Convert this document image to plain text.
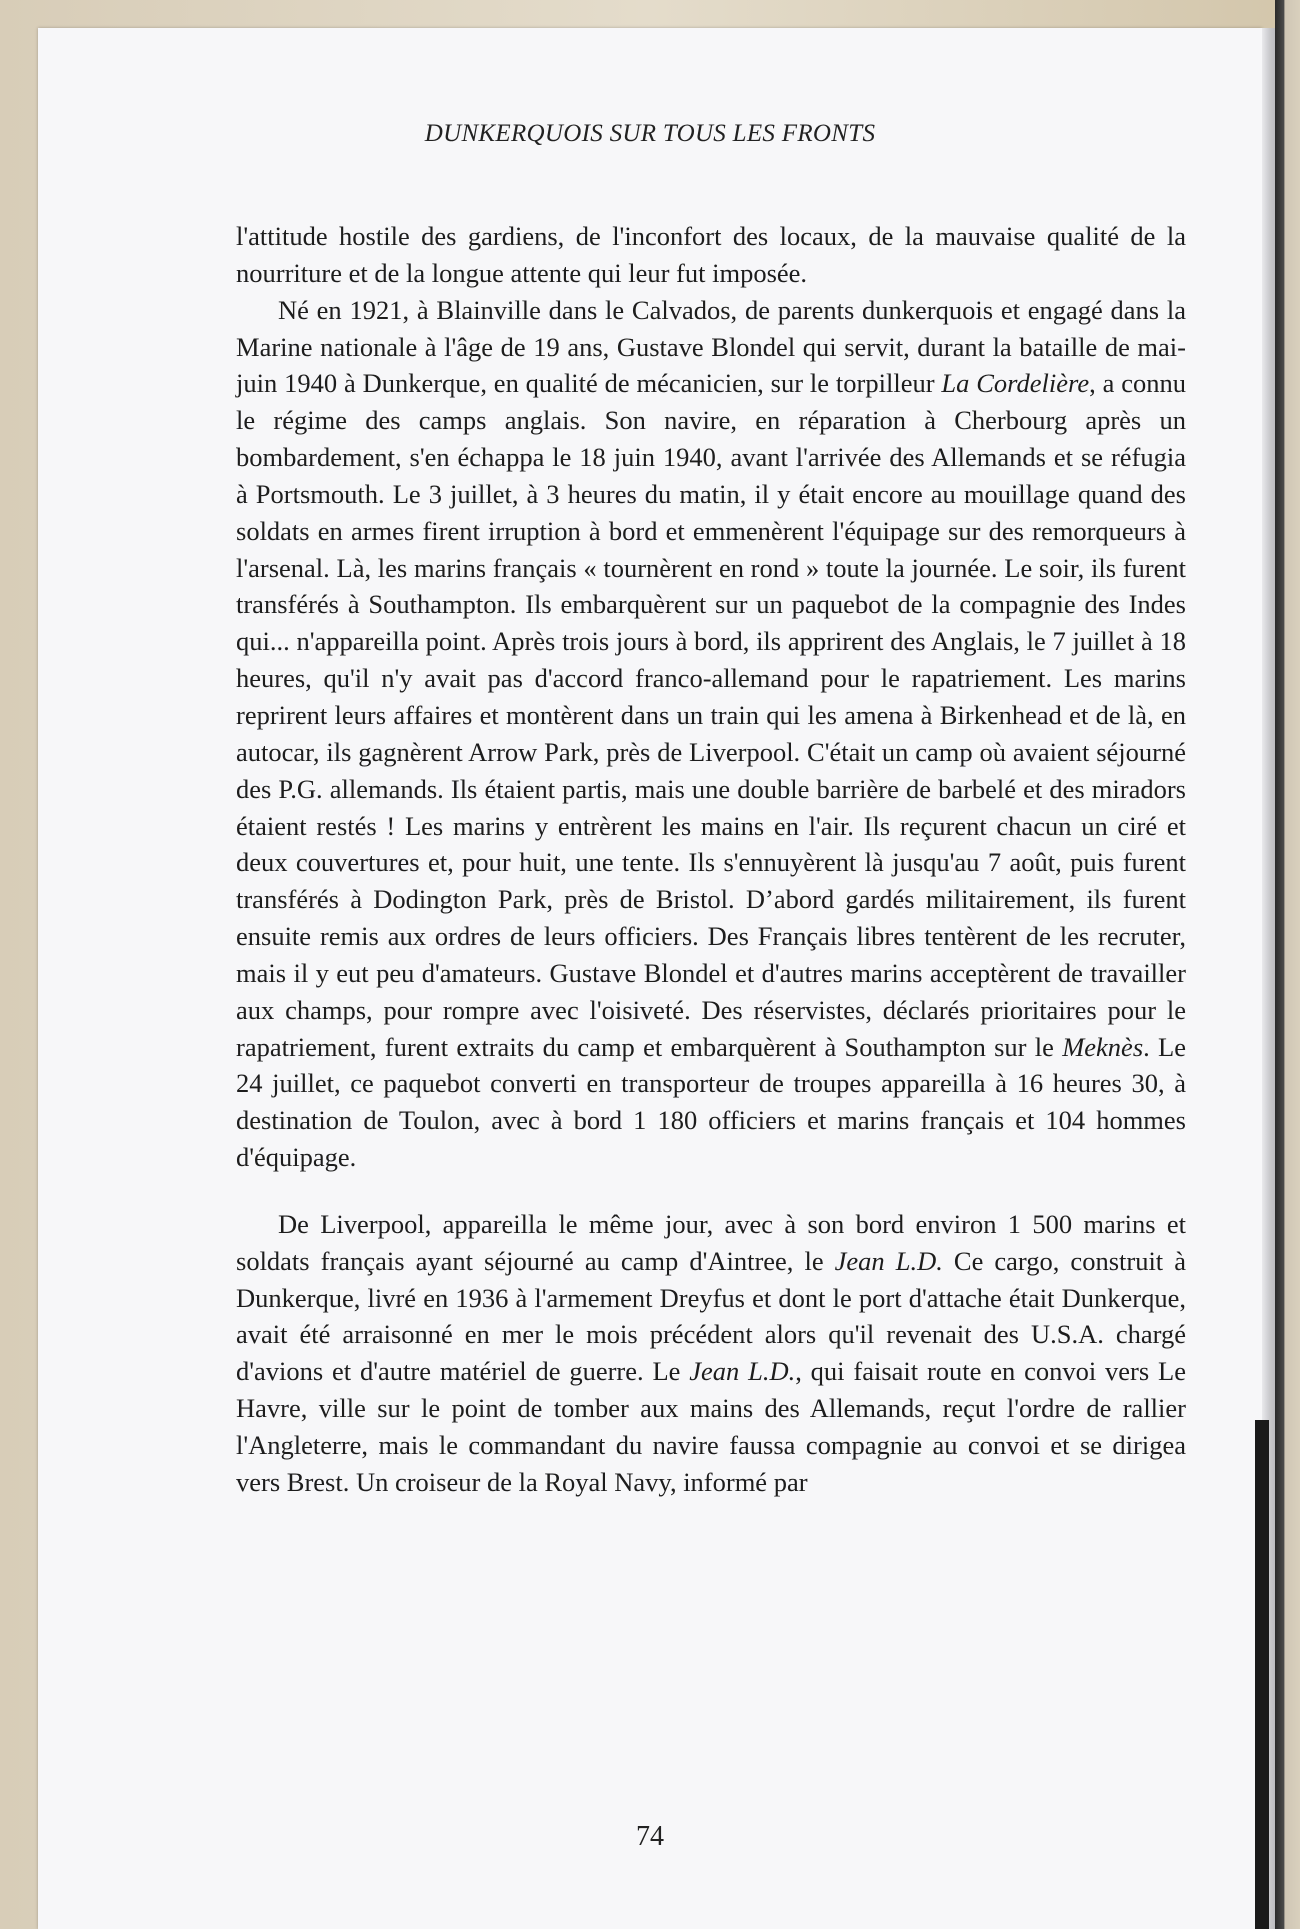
DUNKERQUOIS SUR TOUS LES FRONTS

l'attitude hostile des gardiens, de l'inconfort des locaux, de la mauvaise qualité de la nourriture et de la longue attente qui leur fut imposée.

Né en 1921, à Blainville dans le Calvados, de parents dunkerquois et engagé dans la Marine nationale à l'âge de 19 ans, Gustave Blondel qui servit, durant la bataille de mai-juin 1940 à Dunkerque, en qualité de mécanicien, sur le torpilleur La Cordelière, a connu le régime des camps anglais. Son navire, en réparation à Cherbourg après un bombardement, s'en échappa le 18 juin 1940, avant l'arrivée des Allemands et se réfugia à Portsmouth. Le 3 juillet, à 3 heures du matin, il y était encore au mouillage quand des soldats en armes firent irruption à bord et emmenèrent l'équipage sur des remorqueurs à l'arsenal. Là, les marins français « tournèrent en rond » toute la journée. Le soir, ils furent transférés à Southampton. Ils embarquèrent sur un paquebot de la compagnie des Indes qui... n'appareilla point. Après trois jours à bord, ils apprirent des Anglais, le 7 juillet à 18 heures, qu'il n'y avait pas d'accord franco-allemand pour le rapatriement. Les marins reprirent leurs affaires et montèrent dans un train qui les amena à Birkenhead et de là, en autocar, ils gagnèrent Arrow Park, près de Liverpool. C'était un camp où avaient séjourné des P.G. allemands. Ils étaient partis, mais une double barrière de barbelé et des miradors étaient restés ! Les marins y entrèrent les mains en l'air. Ils reçurent chacun un ciré et deux couvertures et, pour huit, une tente. Ils s'ennuyèrent là jusqu'au 7 août, puis furent transférés à Dodington Park, près de Bristol. D’abord gardés militairement, ils furent ensuite remis aux ordres de leurs officiers. Des Français libres tentèrent de les recruter, mais il y eut peu d'amateurs. Gustave Blondel et d'autres marins acceptèrent de travailler aux champs, pour rompre avec l'oisiveté. Des réservistes, déclarés prioritaires pour le rapatriement, furent extraits du camp et embarquèrent à Southampton sur le Meknès. Le 24 juillet, ce paquebot converti en transporteur de troupes appareilla à 16 heures 30, à destination de Toulon, avec à bord 1 180 officiers et marins français et 104 hommes d'équipage.

De Liverpool, appareilla le même jour, avec à son bord environ 1 500 marins et soldats français ayant séjourné au camp d'Aintree, le Jean L.D. Ce cargo, construit à Dunkerque, livré en 1936 à l'armement Dreyfus et dont le port d'attache était Dunkerque, avait été arraisonné en mer le mois précédent alors qu'il revenait des U.S.A. chargé d'avions et d'autre matériel de guerre. Le Jean L.D., qui faisait route en convoi vers Le Havre, ville sur le point de tomber aux mains des Allemands, reçut l'ordre de rallier l'Angleterre, mais le commandant du navire faussa compagnie au convoi et se dirigea vers Brest. Un croiseur de la Royal Navy, informé par

74
